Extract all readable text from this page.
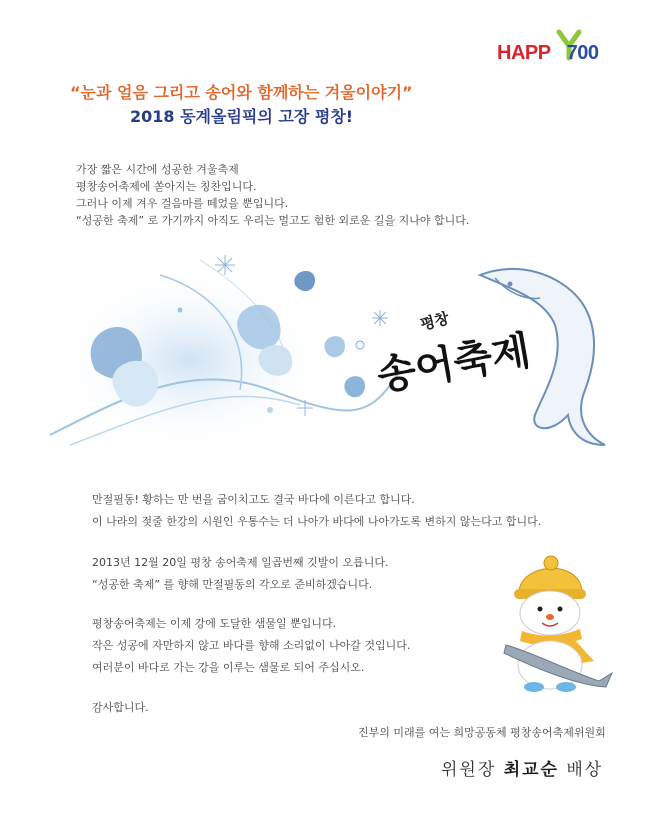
HAPP 700
“눈과 얼음 그리고 송어와 함께하는 겨울이야기”
2018 동계올림픽의 고장 평창!
가장 짧은 시간에 성공한 겨울축제
평창송어축제에 쏟아지는 칭찬입니다.
그러나 이제 겨우 걸음마를 떼었을 뿐입니다.
“성공한 축제” 로 가기까지 아직도 우리는 멀고도 험한 외로운 길을 지나야 합니다.
평창
송어축제
만절필동! 황하는 만 번을 굽이치고도 결국 바다에 이른다고 합니다.
이 나라의 젖줄 한강의 시원인 우통수는 더 나아가 바다에 나아가도록 변하지 않는다고 합니다.
2013년 12월 20일 평창 송어축제 일곱번째 깃발이 오릅니다.
“성공한 축제” 를 향해 만절필동의 각오로 준비하겠습니다.
평창송어축제는 이제 강에 도달한 샘물일 뿐입니다.
작은 성공에 자만하지 않고 바다를 향해 소리없이 나아갈 것입니다.
여러분이 바다로 가는 강을 이루는 샘물로 되어 주십시오.
감사합니다.
진부의 미래를 여는 희망공동체 평창송어축제위원회
위원장 최교순 배상
